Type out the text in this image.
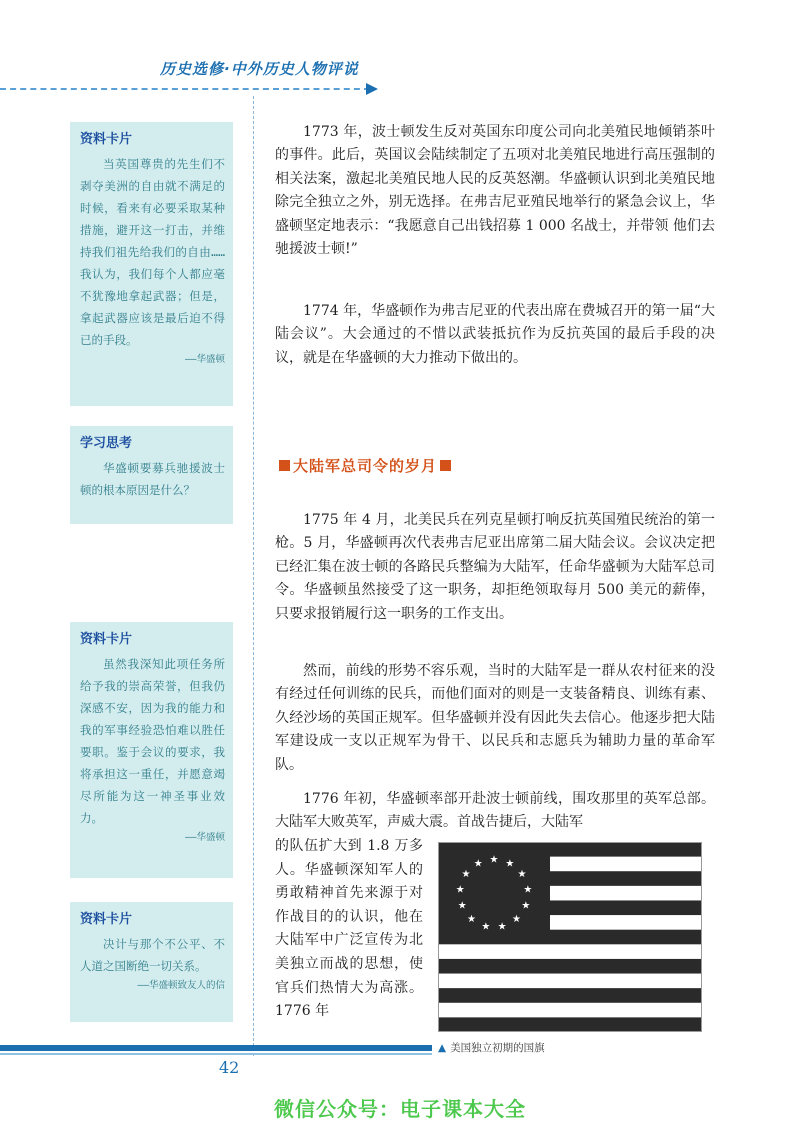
历史选修·中外历史人物评说
资料卡片
当英国尊贵的先生们不剥夺美洲的自由就不满足的时候，看来有必要采取某种措施，避开这一打击，并维持我们祖先给我们的自由……我认为，我们每个人都应毫不犹豫地拿起武器；但是，拿起武器应该是最后迫不得已的手段。
——华盛顿
学习思考
华盛顿要募兵驰援波士顿的根本原因是什么？
资料卡片
虽然我深知此项任务所给予我的崇高荣誉，但我仍深感不安，因为我的能力和我的军事经验恐怕难以胜任要职。鉴于会议的要求，我将承担这一重任，并愿意竭尽所能为这一神圣事业效力。
——华盛顿
资料卡片
决计与那个不公平、不人道之国断绝一切关系。
——华盛顿致友人的信
1773 年，波士顿发生反对英国东印度公司向北美殖民地倾销茶叶的事件。此后，英国议会陆续制定了五项对北美殖民地进行高压强制的相关法案，激起北美殖民地人民的反英怒潮。华盛顿认识到北美殖民地除完全独立之外，别无选择。在弗吉尼亚殖民地举行的紧急会议上，华盛顿坚定地表示：“我愿意自己出钱招募 1 000 名战士，并带领 他们去驰援波士顿!”
1774 年，华盛顿作为弗吉尼亚的代表出席在费城召开的第一届“大陆会议”。大会通过的不惜以武装抵抗作为反抗英国的最后手段的决议，就是在华盛顿的大力推动下做出的。
大陆军总司令的岁月
1775 年 4 月，北美民兵在列克星顿打响反抗英国殖民统治的第一枪。5 月，华盛顿再次代表弗吉尼亚出席第二届大陆会议。会议决定把已经汇集在波士顿的各路民兵整编为大陆军，任命华盛顿为大陆军总司令。华盛顿虽然接受了这一职务，却拒绝领取每月 500 美元的薪俸，只要求报销履行这一职务的工作支出。
然而，前线的形势不容乐观，当时的大陆军是一群从农村征来的没有经过任何训练的民兵，而他们面对的则是一支装备精良、训练有素、久经沙场的英国正规军。但华盛顿并没有因此失去信心。他逐步把大陆军建设成一支以正规军为骨干、以民兵和志愿兵为辅助力量的革命军队。
1776 年初，华盛顿率部开赴波士顿前线，围攻那里的英军总部。大陆军大败英军，声威大震。首战告捷后，大陆军
的队伍扩大到 1.8 万多人。华盛顿深知军人的勇敢精神首先来源于对作战目的的认识，他在大陆军中广泛宣传为北美独立而战的思想，使官兵们热情大为高涨。1776 年
★ ★
★
★
★
★
★
★
★
★
★
★
★
▲ 美国独立初期的国旗
42
微信公众号：电子课本大全
